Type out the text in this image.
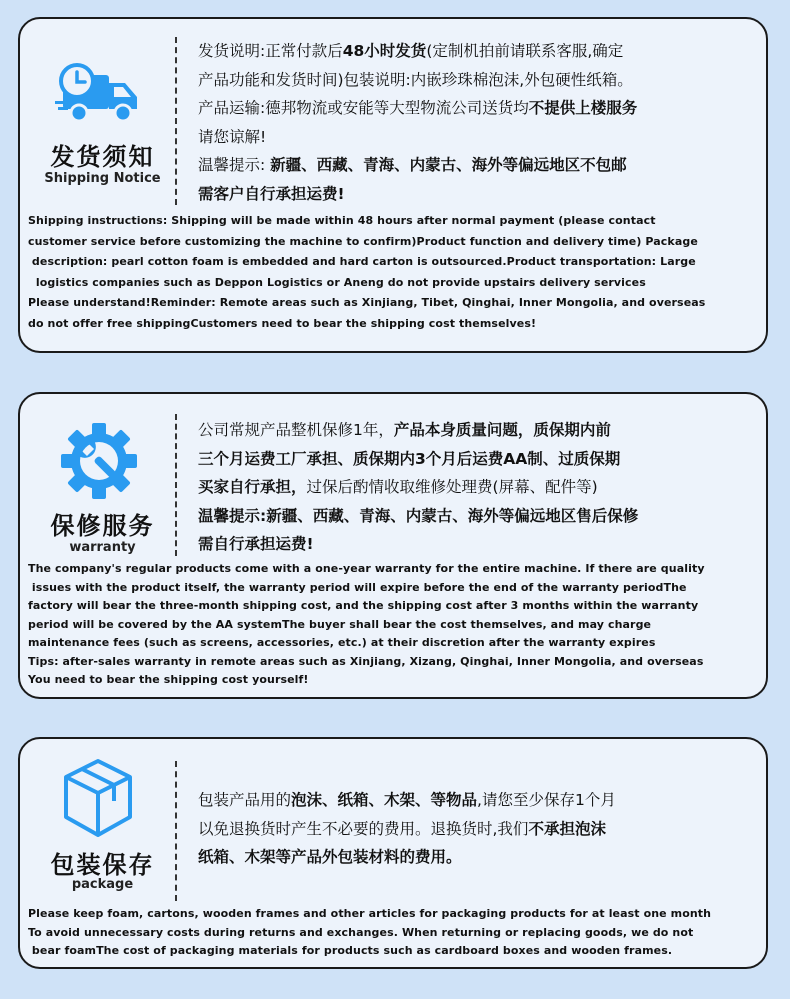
发货须知
Shipping Notice
发货说明:正常付款后48小时发货(定制机拍前请联系客服,确定
产品功能和发货时间)包装说明:内嵌珍珠棉泡沫,外包硬性纸箱。
产品运输:德邦物流或安能等大型物流公司送货均不提供上楼服务
请您谅解!
温馨提示: 新疆、西藏、青海、内蒙古、海外等偏远地区不包邮
需客户自行承担运费!

Shipping instructions: Shipping will be made within 48 hours after normal payment (please contact

customer service before customizing the machine to confirm)Product function and delivery time) Package

description: pearl cotton foam is embedded and hard carton is outsourced.Product transportation: Large

logistics companies such as Deppon Logistics or Aneng do not provide upstairs delivery services

Please understand!Reminder: Remote areas such as Xinjiang, Tibet, Qinghai, Inner Mongolia, and overseas

do not offer free shippingCustomers need to bear the shipping cost themselves!

保修服务
warranty
公司常规产品整机保修1年，产品本身质量问题，质保期内前
三个月运费工厂承担、质保期内3个月后运费AA制、过质保期
买家自行承担，过保后酌情收取维修处理费(屏幕、配件等)
温馨提示:新疆、西藏、青海、内蒙古、海外等偏远地区售后保修
需自行承担运费!

The company's regular products come with a one-year warranty for the entire machine. If there are quality

issues with the product itself, the warranty period will expire before the end of the warranty periodThe

factory will bear the three-month shipping cost, and the shipping cost after 3 months within the warranty

period will be covered by the AA systemThe buyer shall bear the cost themselves, and may charge

maintenance fees (such as screens, accessories, etc.) at their discretion after the warranty expires

Tips: after-sales warranty in remote areas such as Xinjiang, Xizang, Qinghai, Inner Mongolia, and overseas

You need to bear the shipping cost yourself!

包装保存
package
包装产品用的泡沫、纸箱、木架、等物品,请您至少保存1个月
以免退换货时产生不必要的费用。退换货时,我们不承担泡沫
纸箱、木架等产品外包装材料的费用。

Please keep foam, cartons, wooden frames and other articles for packaging products for at least one month

To avoid unnecessary costs during returns and exchanges. When returning or replacing goods, we do not

bear foamThe cost of packaging materials for products such as cardboard boxes and wooden frames.
